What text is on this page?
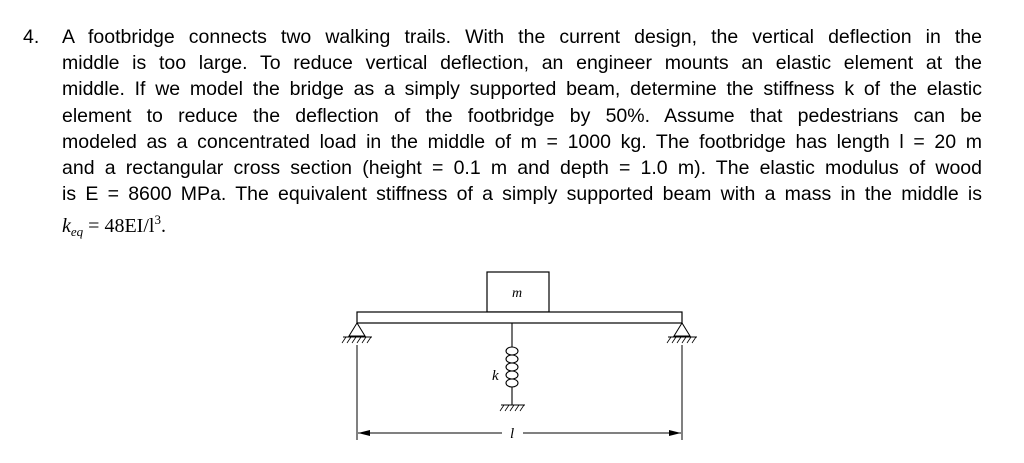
4. A footbridge connects two walking trails. With the current design, the vertical deflection in the
middle is too large. To reduce vertical deflection, an engineer mounts an elastic element at the
middle. If we model the bridge as a simply supported beam, determine the stiffness k of the elastic
element to reduce the deflection of the footbridge by 50%. Assume that pedestrians can be
modeled as a concentrated load in the middle of m = 1000 kg. The footbridge has length l = 20 m
and a rectangular cross section (height = 0.1 m and depth = 1.0 m). The elastic modulus of wood
is E = 8600 MPa. The equivalent stiffness of a simply supported beam with a mass in the middle is
$k_{eq} = 48EI/l^3$.
m
k
l
